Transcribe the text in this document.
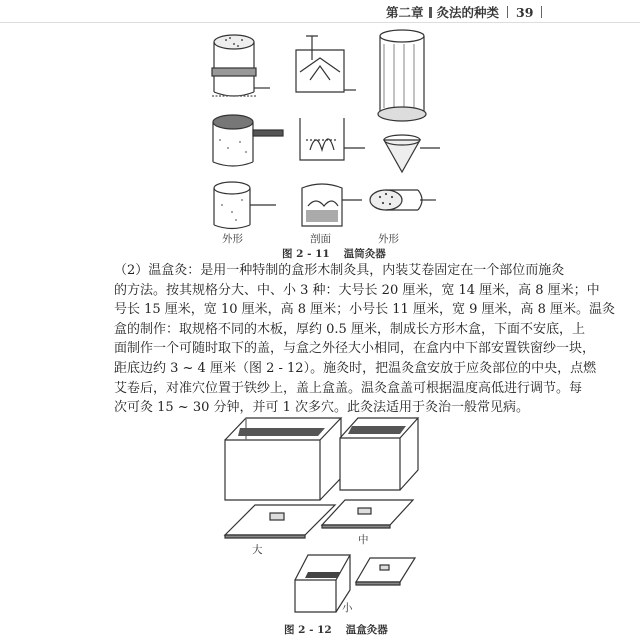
第二章 灸法的种类 39
外形	剖面	外形
图 2 - 11 温筒灸器
（2）温盒灸：是用一种特制的盒形木制灸具，内装艾卷固定在一个部位而施灸
的方法。按其规格分大、中、小 3 种：大号长 20 厘米，宽 14 厘米，高 8 厘米；中
号长 15 厘米，宽 10 厘米，高 8 厘米；小号长 11 厘米，宽 9 厘米，高 8 厘米。温灸
盒的制作：取规格不同的木板，厚约 0.5 厘米，制成长方形木盒，下面不安底，上
面制作一个可随时取下的盖，与盒之外径大小相同，在盒内中下部安置铁窗纱一块，
距底边约 3 ~ 4 厘米（图 2 - 12）。施灸时，把温灸盒安放于应灸部位的中央，点燃
艾卷后，对准穴位置于铁纱上，盖上盒盖。温灸盒盖可根据温度高低进行调节。每
次可灸 15 ~ 30 分钟，并可 1 次多穴。此灸法适用于灸治一般常见病。
大
中
小
图 2 - 12 温盒灸器
